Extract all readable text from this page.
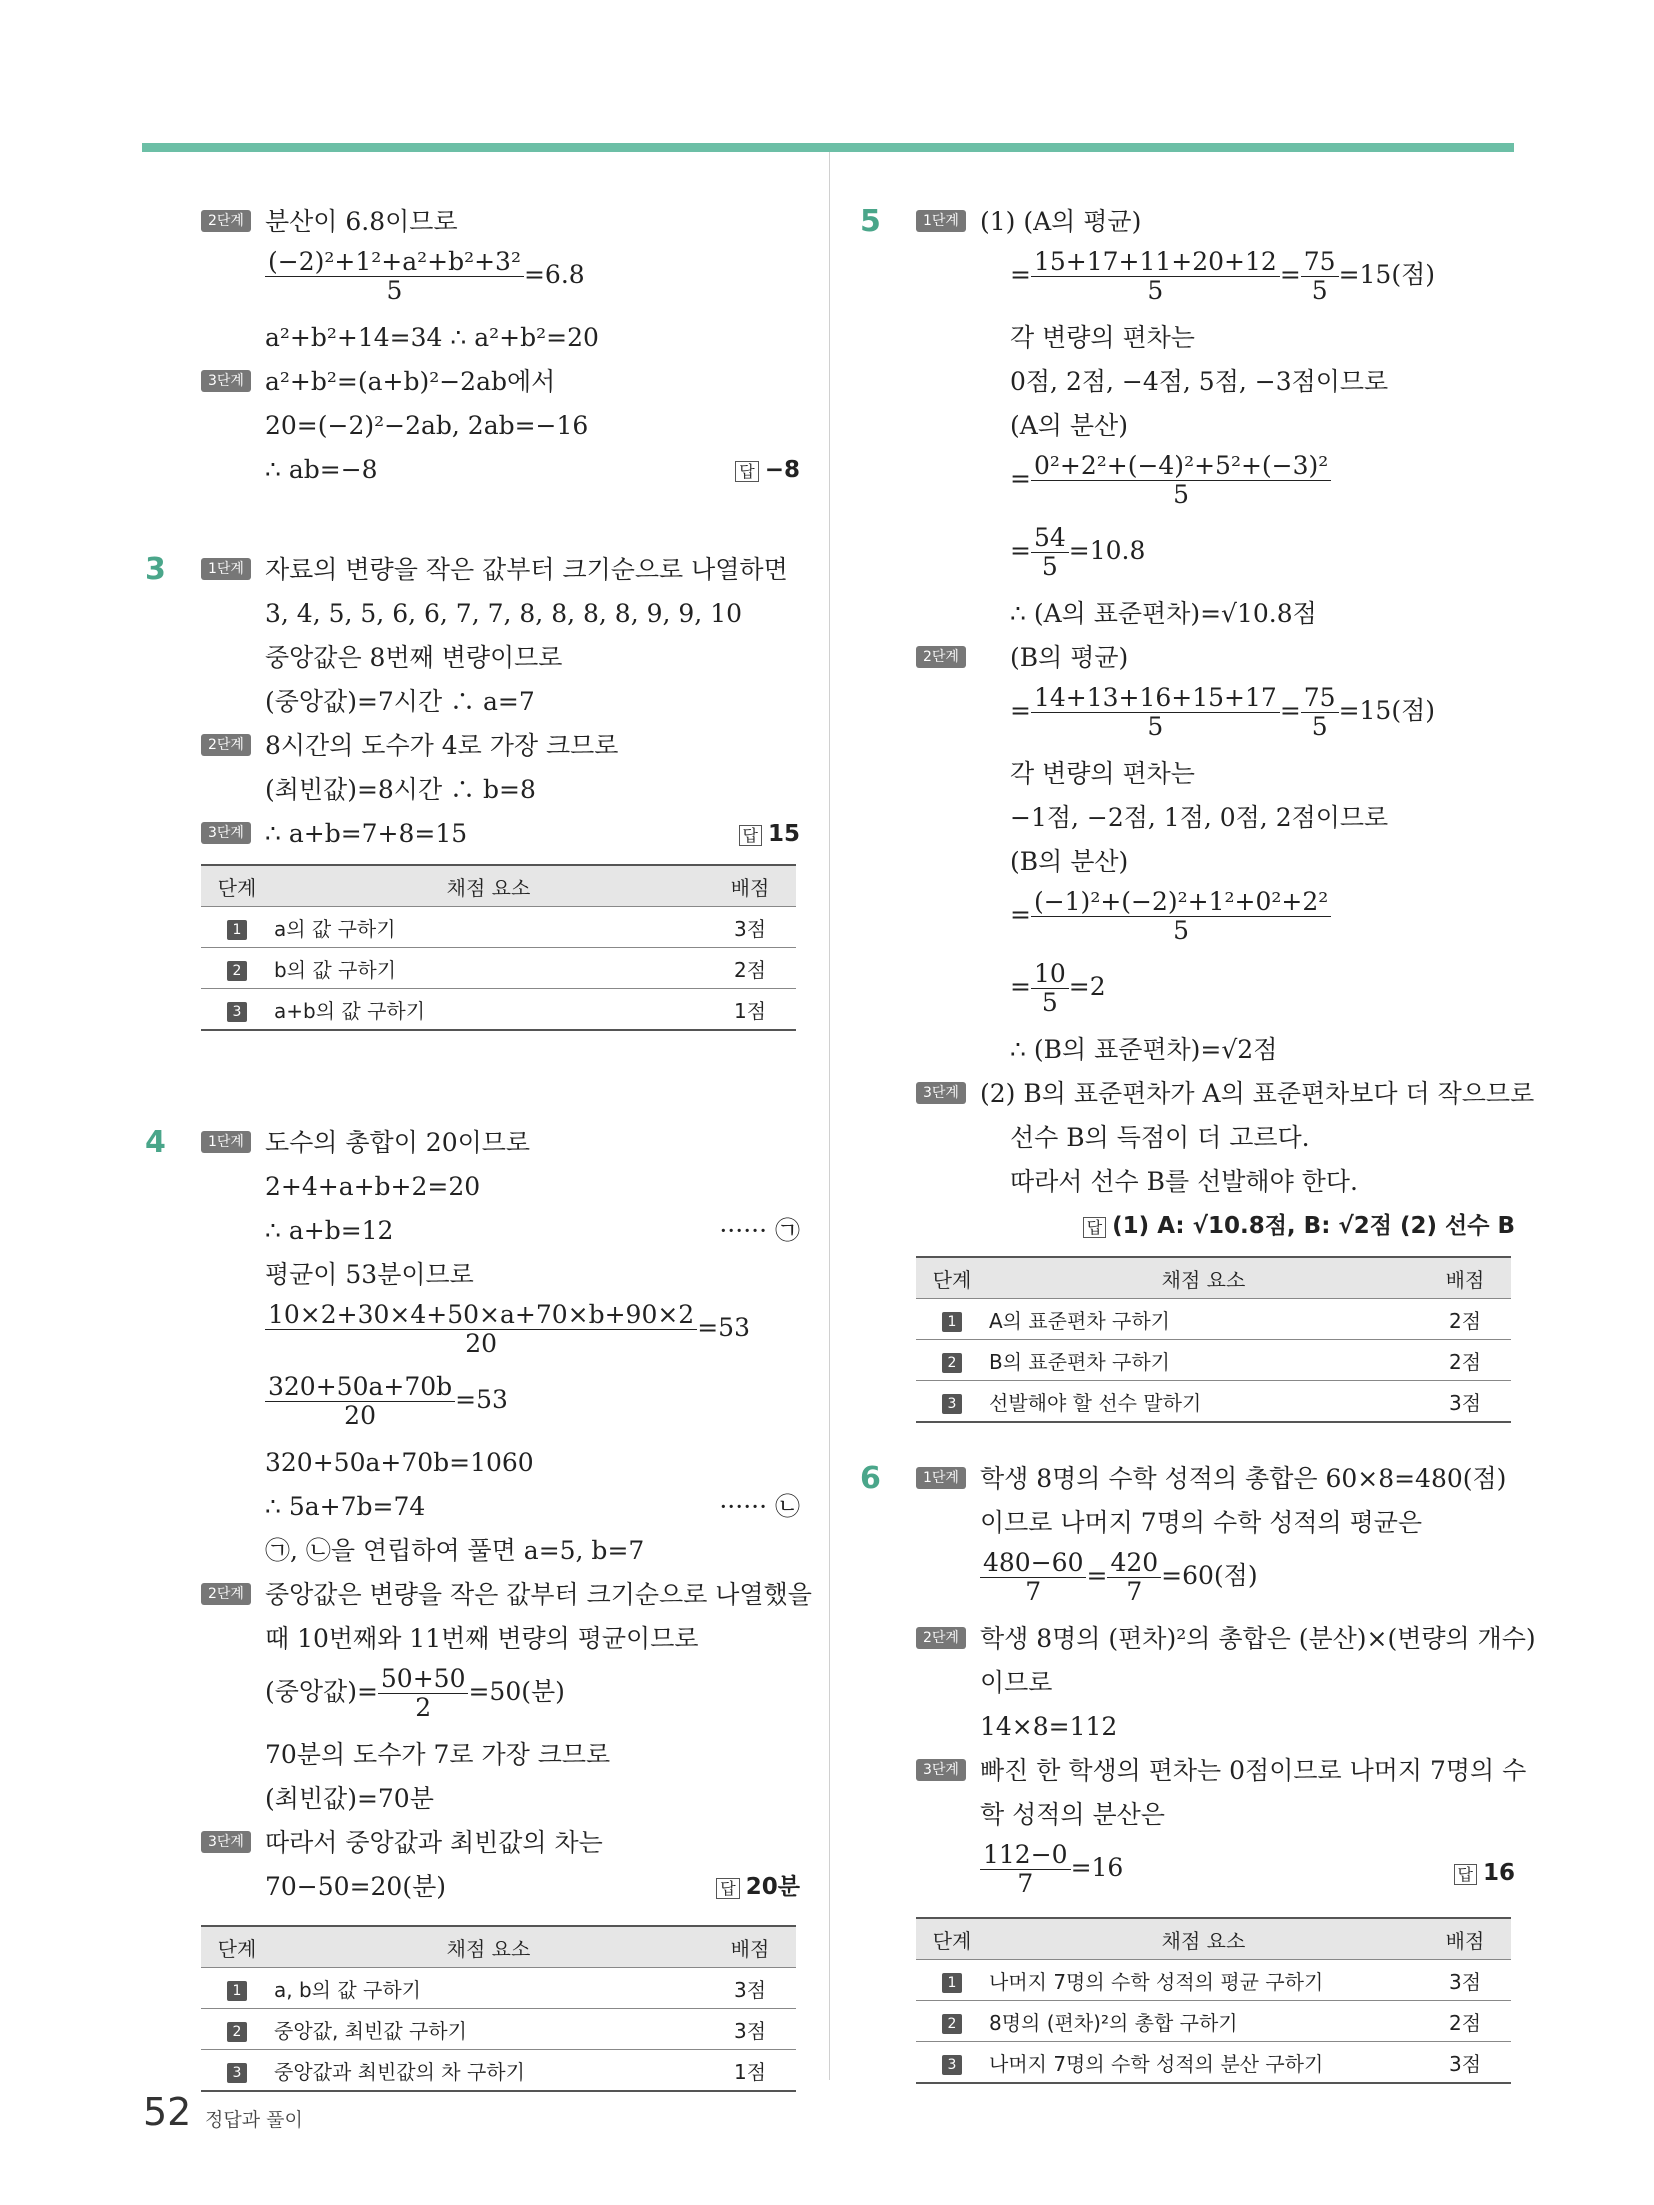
2단계 분산이 6.8이므로
$\frac{\text{(−2)²+1²+a²+b²+3²}}{5} =6.8$
a²+b²+14=34 ∴ a²+b²=20
3단계 a²+b²=(a+b)²−2ab에서
20=(−2)²−2ab, 2ab=−16
∴ ab=−8	답 −8
3	1단계 자료의 변량을 작은 값부터 크기순으로 나열하면
3, 4, 5, 5, 6, 6, 7, 7, 8, 8, 8, 8, 9, 9, 10
중앙값은 8번째 변량이므로
(중앙값)=7시간 ∴ a=7
2단계 8시간의 도수가 4로 가장 크므로
(최빈값)=8시간 ∴ b=8
3단계 ∴ a+b=7+8=15	답 15
단계	채점 요소	배점
1	a의 값 구하기	3점
2	b의 값 구하기	2점
3	a+b의 값 구하기	1점
4	1단계 도수의 총합이 20이므로
2+4+a+b+2=20
∴ a+b=12	······ ㉠
평균이 53분이므로
$\frac{10\times 2+30\times 4+50\times a+70\times b+90\times 2}{20} =53$
$\frac{320+50a+70b}{20} =53$
320+50a+70b=1060
∴ 5a+7b=74	······ ㉡
㉠, ㉡을 연립하여 풀면 a=5, b=7
2단계 중앙값은 변량을 작은 값부터 크기순으로 나열했을
때 10번째와 11번째 변량의 평균이므로
(중앙값)= $\frac{50+50}{2} =50$(분)
70분의 도수가 7로 가장 크므로
(최빈값)=70분
3단계 따라서 중앙값과 최빈값의 차는
70−50=20(분)	답 20분
단계	채점 요소	배점
1	a, b의 값 구하기	3점
2	중앙값, 최빈값 구하기	3점
3	중앙값과 최빈값의 차 구하기	1점
5	1단계 (1) (A의 평균)
= $\frac{15+17+11+20+12}{5} = \frac{75}{5} =15$(점)
각 변량의 편차는
0점, 2점, −4점, 5점, −3점이므로
(A의 분산)
= $\frac{\text{0²+2²+(−4)²+5²+(−3)²}}{5}$
= $\frac{54}{5} =10.8$
∴ (A의 표준편차)=√10.8점
2단계 (B의 평균)
= $\frac{14+13+16+15+17}{5} = \frac{75}{5} =15$(점)
각 변량의 편차는
−1점, −2점, 1점, 0점, 2점이므로
(B의 분산)
= $\frac{\text{(−1)²+(−2)²+1²+0²+2²}}{5}$
= $\frac{10}{5} =2$
∴ (B의 표준편차)=√2점
3단계 (2) B의 표준편차가 A의 표준편차보다 더 작으므로
선수 B의 득점이 더 고르다.
따라서 선수 B를 선발해야 한다.
답 (1) A: √10.8점, B: √2점 (2) 선수 B
단계	채점 요소	배점
1	A의 표준편차 구하기	2점
2	B의 표준편차 구하기	2점
3	선발해야 할 선수 말하기	3점
6	1단계 학생 8명의 수학 성적의 총합은 60×8=480(점)
이므로 나머지 7명의 수학 성적의 평균은
$\frac{480-60}{7} = \frac{420}{7} =60$(점)
2단계 학생 8명의 (편차)²의 총합은 (분산)×(변량의 개수)
이므로
14×8=112
3단계 빠진 한 학생의 편차는 0점이므로 나머지 7명의 수
학 성적의 분산은
$\frac{112-0}{7} =16$	답 16
단계	채점 요소	배점
1	나머지 7명의 수학 성적의 평균 구하기	3점
2	8명의 (편차)²의 총합 구하기	2점
3	나머지 7명의 수학 성적의 분산 구하기	3점
52 정답과 풀이
